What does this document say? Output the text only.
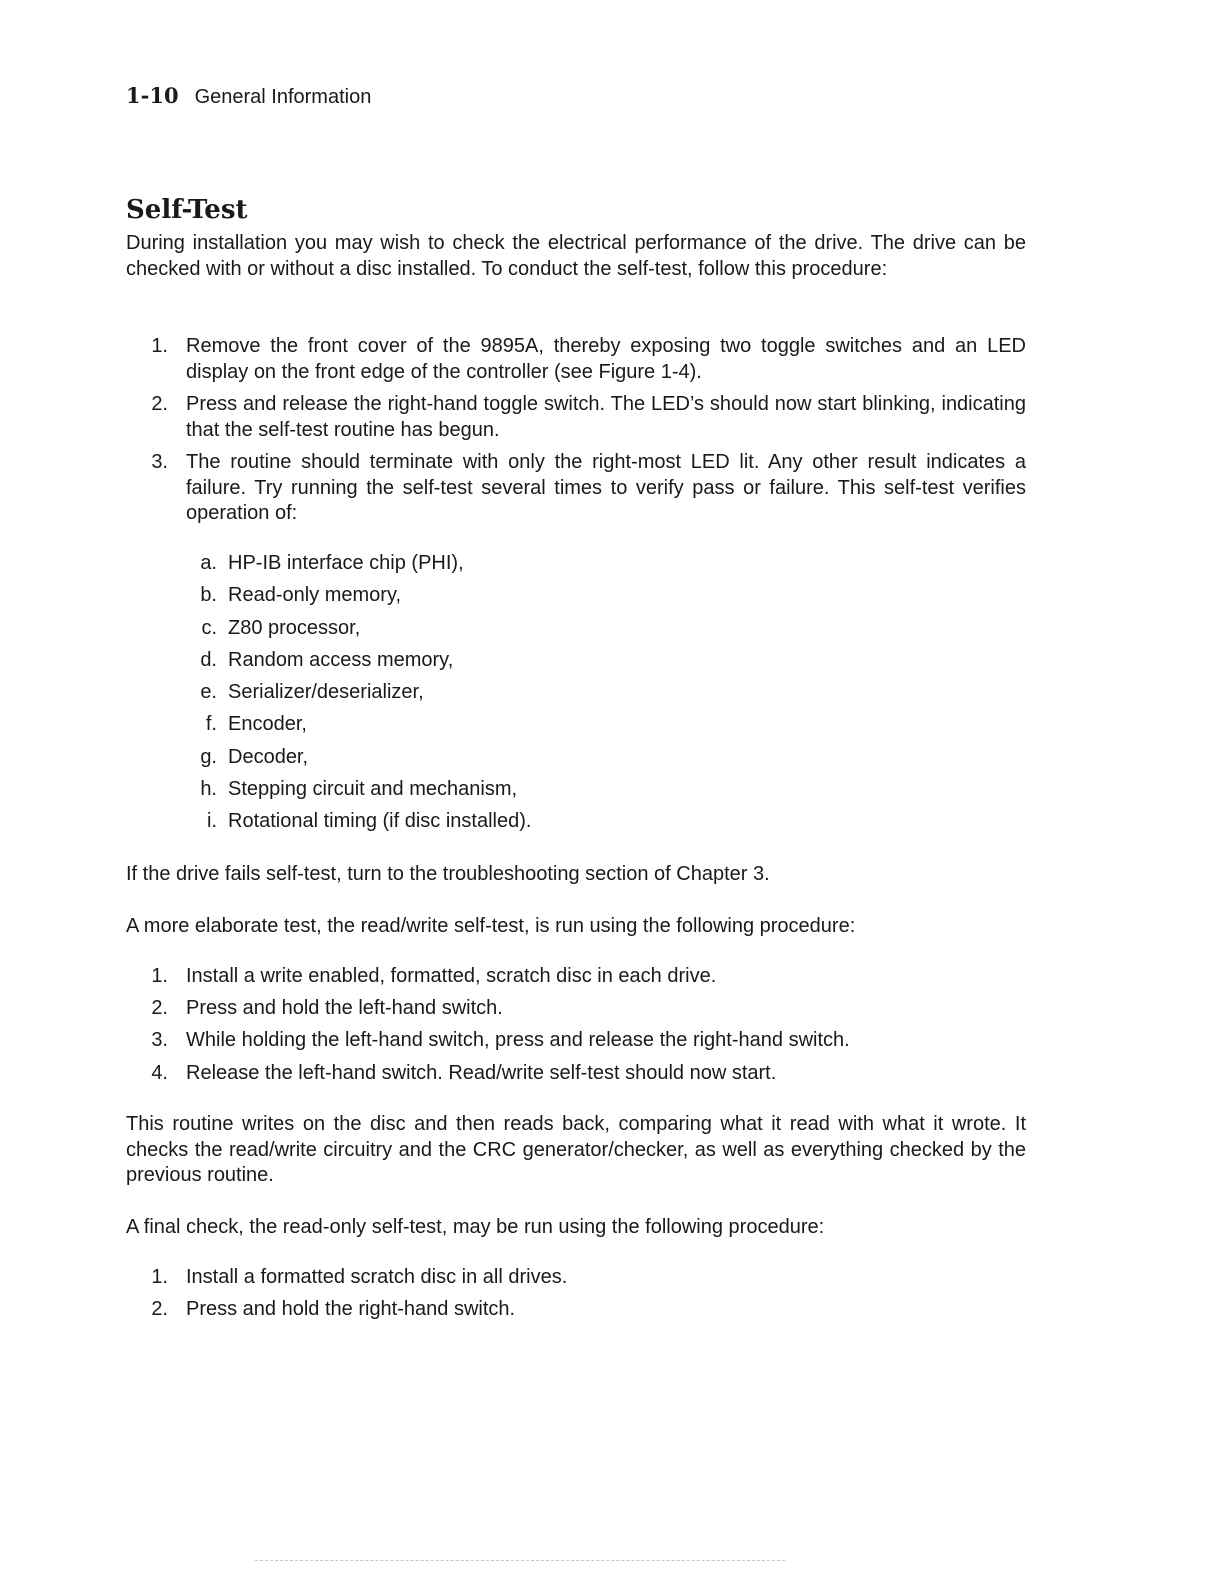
1-10 General Information
Self-Test

During installation you may wish to check the electrical performance of the drive. The drive can be checked with or without a disc installed. To conduct the self-test, follow this procedure:

1. Remove the front cover of the 9895A, thereby exposing two toggle switches and an LED display on the front edge of the controller (see Figure 1-4).
2. Press and release the right-hand toggle switch. The LED’s should now start blinking, indicating that the self-test routine has begun.
3. The routine should terminate with only the right-most LED lit. Any other result indicates a failure. Try running the self-test several times to verify pass or failure. This self-test verifies operation of:
a. HP-IB interface chip (PHI),
b. Read-only memory,
c. Z80 processor,
d. Random access memory,
e. Serializer/deserializer,
f. Encoder,
g. Decoder,
h. Stepping circuit and mechanism,
i. Rotational timing (if disc installed).

If the drive fails self-test, turn to the troubleshooting section of Chapter 3.

A more elaborate test, the read/write self-test, is run using the following procedure:

1. Install a write enabled, formatted, scratch disc in each drive.
2. Press and hold the left-hand switch.
3. While holding the left-hand switch, press and release the right-hand switch.
4. Release the left-hand switch. Read/write self-test should now start.

This routine writes on the disc and then reads back, comparing what it read with what it wrote. It checks the read/write circuitry and the CRC generator/checker, as well as everything checked by the previous routine.

A final check, the read-only self-test, may be run using the following procedure:

1. Install a formatted scratch disc in all drives.
2. Press and hold the right-hand switch.
